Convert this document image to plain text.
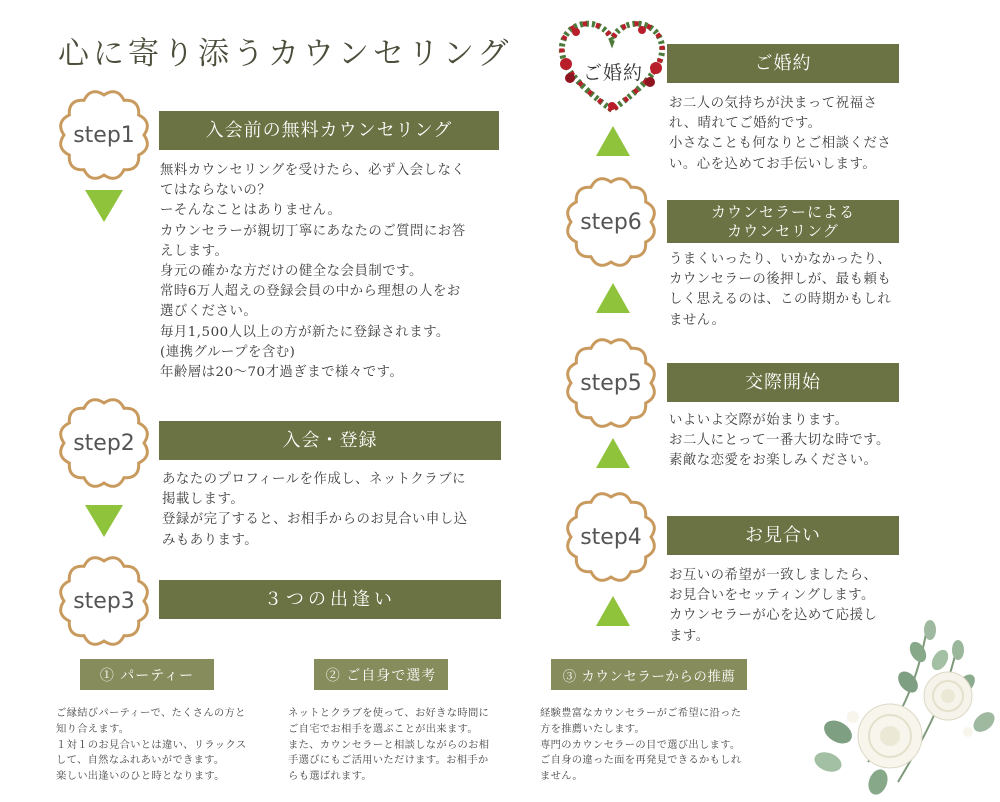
心に寄り添うカウンセリング
step1	入会前の無料カウンセリング
無料カウンセリングを受けたら、必ず入会しなく
てはならないの？
ーそんなことはありません。
カウンセラーが親切丁寧にあなたのご質問にお答
えします。
身元の確かな方だけの健全な会員制です。
常時6万人超えの登録会員の中から理想の人をお
選びください。
毎月1,500人以上の方が新たに登録されます。
(連携グループを含む)
年齢層は20〜70才過ぎまで様々です。
step2	入会・登録
あなたのプロフィールを作成し、ネットクラブに
掲載します。
登録が完了すると、お相手からのお見合い申し込
みもあります。
step3	３つの出逢い
① パーティー
ご縁結びパーティーで、たくさんの方と
知り合えます。
１対１のお見合いとは違い、リラックス
して、自然なふれあいができます。
楽しい出逢いのひと時となります。
② ご自身で選考
ネットとクラブを使って、お好きな時間に
ご自宅でお相手を選ぶことが出来ます。
また、カウンセラーと相談しながらのお相
手選びにもご活用いただけます。お相手か
らも選ばれます。
③ カウンセラーからの推薦
経験豊富なカウンセラーがご希望に沿った
方を推薦いたします。
専門のカウンセラーの目で選び出します。
ご自身の違った面を再発見できるかもしれ
ません。
ご婚約	ご婚約
お二人の気持ちが決まって祝福さ
れ、晴れてご婚約です。
小さなことも何なりとご相談くださ
い。心を込めてお手伝いします。
step6	カウンセラーによる
カウンセリング
うまくいったり、いかなかったり、
カウンセラーの後押しが、最も頼も
しく思えるのは、この時期かもしれ
ません。
step5	交際開始
いよいよ交際が始まります。
お二人にとって一番大切な時です。
素敵な恋愛をお楽しみください。
step4	お見合い
お互いの希望が一致しましたら、
お見合いをセッティングします。
カウンセラーが心を込めて応援し
ます。
